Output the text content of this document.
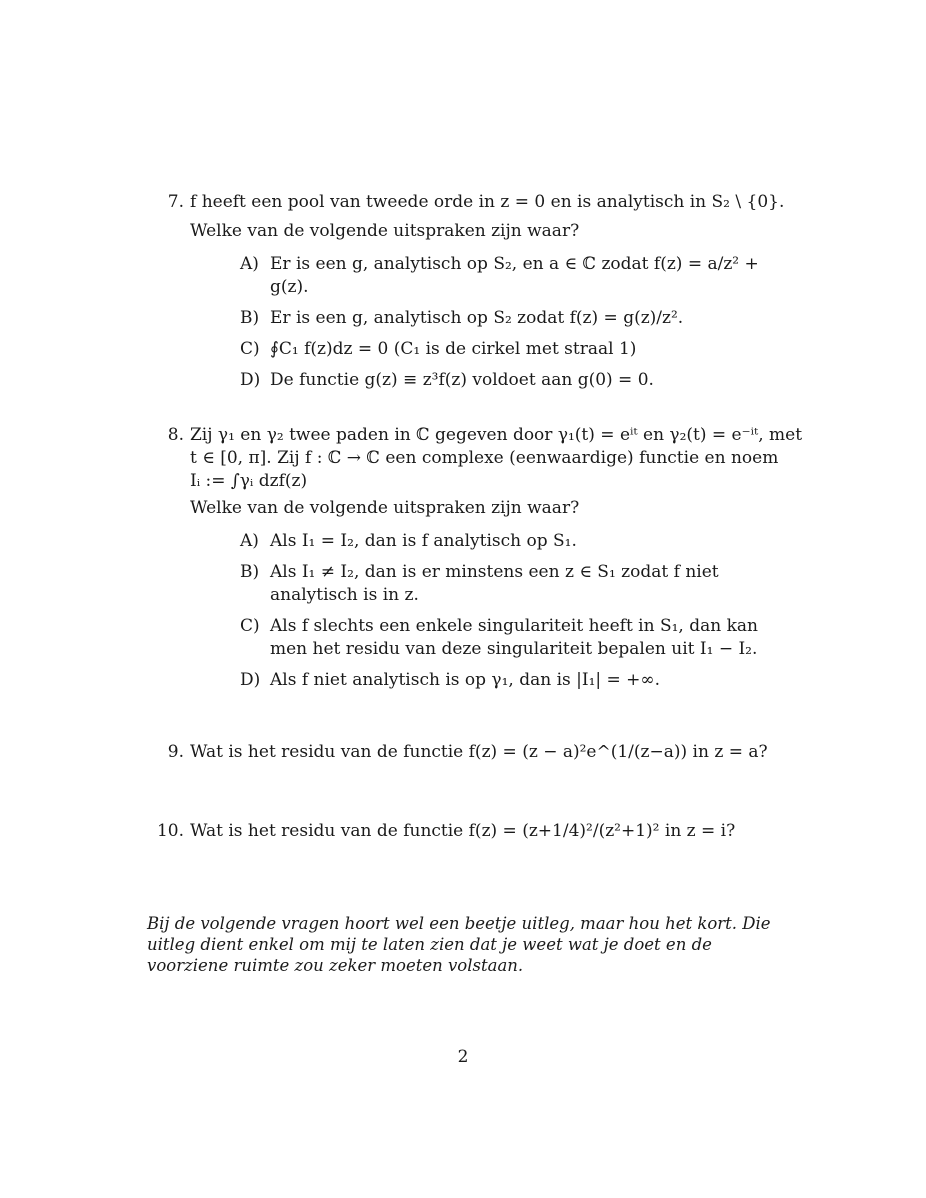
7. f heeft een pool van tweede orde in z = 0 en is analytisch in S₂ \ {0}.
Welke van de volgende uitspraken zijn waar?
A) Er is een g, analytisch op S₂, en a ∈ ℂ zodat f(z) = a/z² + g(z).
B) Er is een g, analytisch op S₂ zodat f(z) = g(z)/z².
C) ∮C₁ f(z)dz = 0 (C₁ is de cirkel met straal 1)
D) De functie g(z) ≡ z³f(z) voldoet aan g(0) = 0.
8. Zij γ₁ en γ₂ twee paden in ℂ gegeven door γ₁(t) = eⁱᵗ en γ₂(t) = e⁻ⁱᵗ, met
t ∈ [0, π]. Zij f : ℂ → ℂ een complexe (eenwaardige) functie en noem
Iᵢ := ∫γᵢ dzf(z)
Welke van de volgende uitspraken zijn waar?
A) Als I₁ = I₂, dan is f analytisch op S₁.
B) Als I₁ ≠ I₂, dan is er minstens een z ∈ S₁ zodat f niet analytisch is in z.
C) Als f slechts een enkele singulariteit heeft in S₁, dan kan men het residu van deze singulariteit bepalen uit I₁ − I₂.
D) Als f niet analytisch is op γ₁, dan is |I₁| = +∞.
9. Wat is het residu van de functie f(z) = (z − a)²e^(1/(z−a)) in z = a?
10. Wat is het residu van de functie f(z) = (z+1/4)²/(z²+1)² in z = i?
Bij de volgende vragen hoort wel een beetje uitleg, maar hou het kort. Die uitleg dient enkel om mij te laten zien dat je weet wat je doet en de voorziene ruimte zou zeker moeten volstaan.
2
